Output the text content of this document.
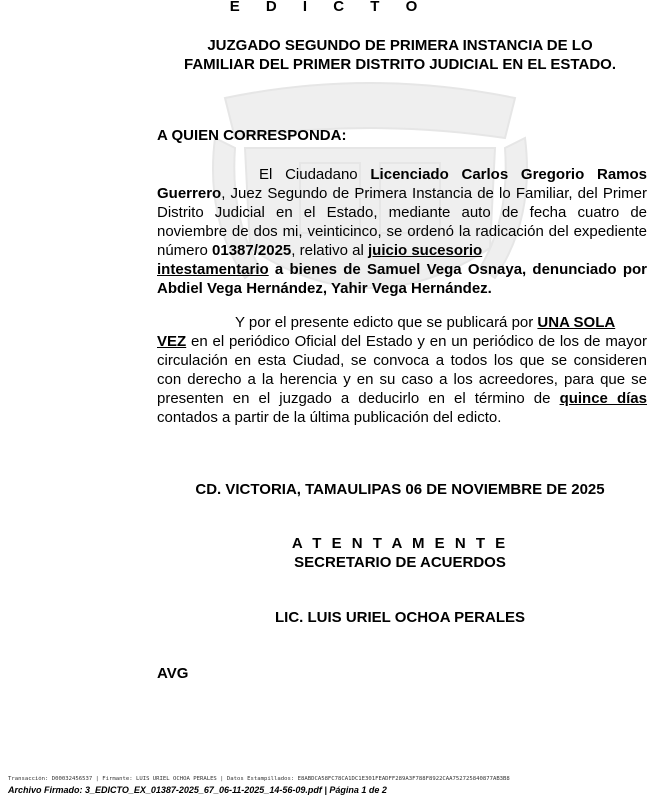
E D I C T O
JUZGADO SEGUNDO DE PRIMERA INSTANCIA DE LO
FAMILIAR DEL PRIMER DISTRITO JUDICIAL EN EL ESTADO.
A QUIEN CORRESPONDA:
El Ciudadano Licenciado Carlos Gregorio Ramos Guerrero, Juez Segundo de Primera Instancia de lo Familiar, del Primer Distrito Judicial en el Estado, mediante auto de fecha cuatro de noviembre de dos mi, veinticinco, se ordenó la radicación del expediente número 01387/2025, relativo al juicio sucesorio
intestamentario a bienes de Samuel Vega Osnaya, denunciado por Abdiel Vega Hernández, Yahir Vega Hernández.
Y por el presente edicto que se publicará por UNA SOLA
VEZ en el periódico Oficial del Estado y en un periódico de los de mayor circulación en esta Ciudad, se convoca a todos los que se consideren con derecho a la herencia y en su caso a los acreedores, para que se presenten en el juzgado a deducirlo en el término de quince días contados a partir de la última publicación del edicto.
CD. VICTORIA, TAMAULIPAS 06 DE NOVIEMBRE DE 2025
A T E N T A M E N T E
SECRETARIO DE ACUERDOS
LIC. LUIS URIEL OCHOA PERALES
AVG
Transacción: D00032456537 | Firmante: LUIS URIEL OCHOA PERALES | Datos Estampillados: E8ABDCA58FC78CA1DC1E301FEADFF289A3F788F8922CAA752725840877AB3B8
Archivo Firmado: 3_EDICTO_EX_01387-2025_67_06-11-2025_14-56-09.pdf | Página 1 de 2
